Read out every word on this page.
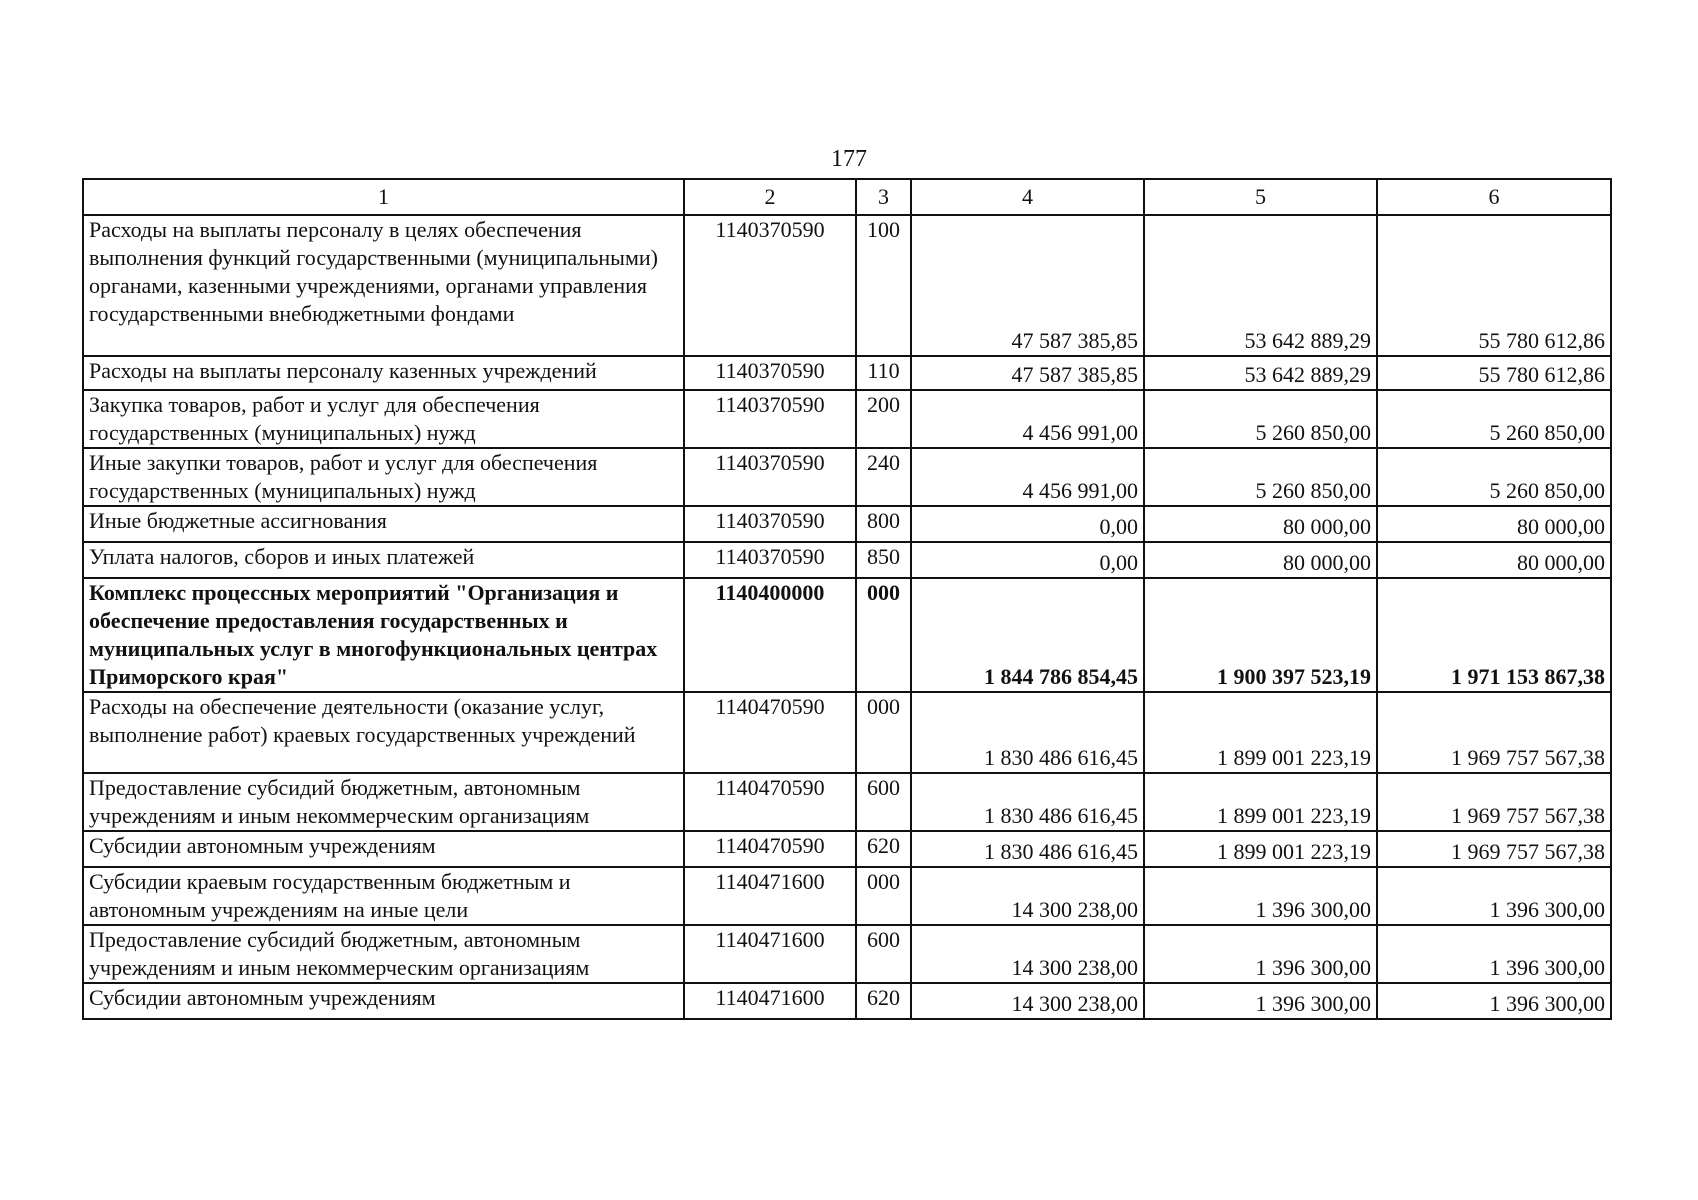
177
1	2	3	4	5	6
Расходы на выплаты персоналу в целях обеспечения выполнения функций государственными (муниципальными) органами, казенными учреждениями, органами управления государственными внебюджетными фондами	1140370590	100	47 587 385,85	53 642 889,29	55 780 612,86
Расходы на выплаты персоналу казенных учреждений	1140370590	110	47 587 385,85	53 642 889,29	55 780 612,86
Закупка товаров, работ и услуг для обеспечения государственных (муниципальных) нужд	1140370590	200	4 456 991,00	5 260 850,00	5 260 850,00
Иные закупки товаров, работ и услуг для обеспечения государственных (муниципальных) нужд	1140370590	240	4 456 991,00	5 260 850,00	5 260 850,00
Иные бюджетные ассигнования	1140370590	800	0,00	80 000,00	80 000,00
Уплата налогов, сборов и иных платежей	1140370590	850	0,00	80 000,00	80 000,00
Комплекс процессных мероприятий "Организация и обеспечение предоставления государственных и муниципальных услуг в многофункциональных центрах Приморского края"	1140400000	000	1 844 786 854,45	1 900 397 523,19	1 971 153 867,38
Расходы на обеспечение деятельности (оказание услуг, выполнение работ) краевых государственных учреждений	1140470590	000	1 830 486 616,45	1 899 001 223,19	1 969 757 567,38
Предоставление субсидий бюджетным, автономным учреждениям и иным некоммерческим организациям	1140470590	600	1 830 486 616,45	1 899 001 223,19	1 969 757 567,38
Субсидии автономным учреждениям	1140470590	620	1 830 486 616,45	1 899 001 223,19	1 969 757 567,38
Субсидии краевым государственным бюджетным и автономным учреждениям на иные цели	1140471600	000	14 300 238,00	1 396 300,00	1 396 300,00
Предоставление субсидий бюджетным, автономным учреждениям и иным некоммерческим организациям	1140471600	600	14 300 238,00	1 396 300,00	1 396 300,00
Субсидии автономным учреждениям	1140471600	620	14 300 238,00	1 396 300,00	1 396 300,00
